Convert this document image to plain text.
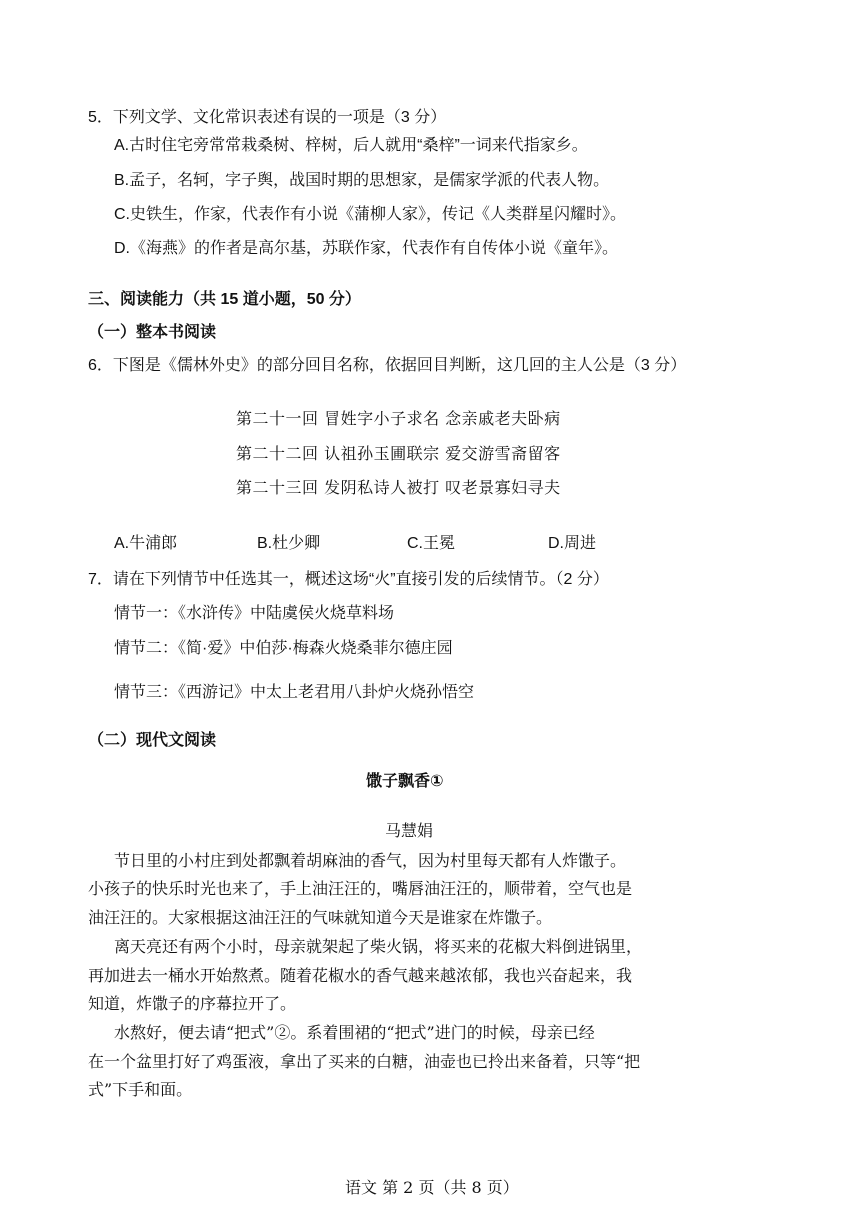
5．下列文学、文化常识表述有误的一项是（3 分）
A.古时住宅旁常常栽桑树、梓树，后人就用“桑梓”一词来代指家乡。
B.孟子，名轲，字子舆，战国时期的思想家，是儒家学派的代表人物。
C.史铁生，作家，代表作有小说《蒲柳人家》，传记《人类群星闪耀时》。
D.《海燕》的作者是高尔基，苏联作家，代表作有自传体小说《童年》。
三、阅读能力（共 15 道小题，50 分）
（一）整本书阅读
6．下图是《儒林外史》的部分回目名称，依据回目判断，这几回的主人公是（3 分）
第二十一回 冒姓字小子求名 念亲戚老夫卧病
第二十二回 认祖孙玉圃联宗 爱交游雪斋留客
第二十三回 发阴私诗人被打 叹老景寡妇寻夫
A.牛浦郎	B.杜少卿	C.王冕	D.周进
7．请在下列情节中任选其一，概述这场“火”直接引发的后续情节。（2 分）
情节一：《水浒传》中陆虞侯火烧草料场
情节二：《简·爱》中伯莎·梅森火烧桑菲尔德庄园
情节三：《西游记》中太上老君用八卦炉火烧孙悟空
（二）现代文阅读
馓子飘香①
马慧娟
节日里的小村庄到处都飘着胡麻油的香气，因为村里每天都有人炸馓子。
小孩子的快乐时光也来了，手上油汪汪的，嘴唇油汪汪的，顺带着，空气也是
油汪汪的。大家根据这油汪汪的气味就知道今天是谁家在炸馓子。
离天亮还有两个小时，母亲就架起了柴火锅，将买来的花椒大料倒进锅里，
再加进去一桶水开始熬煮。随着花椒水的香气越来越浓郁，我也兴奋起来，我
知道，炸馓子的序幕拉开了。
水熬好，便去请“把式”②。系着围裙的“把式”进门的时候，母亲已经
在一个盆里打好了鸡蛋液，拿出了买来的白糖，油壶也已拎出来备着，只等“把
式”下手和面。
语文 第 2 页（共 8 页）
